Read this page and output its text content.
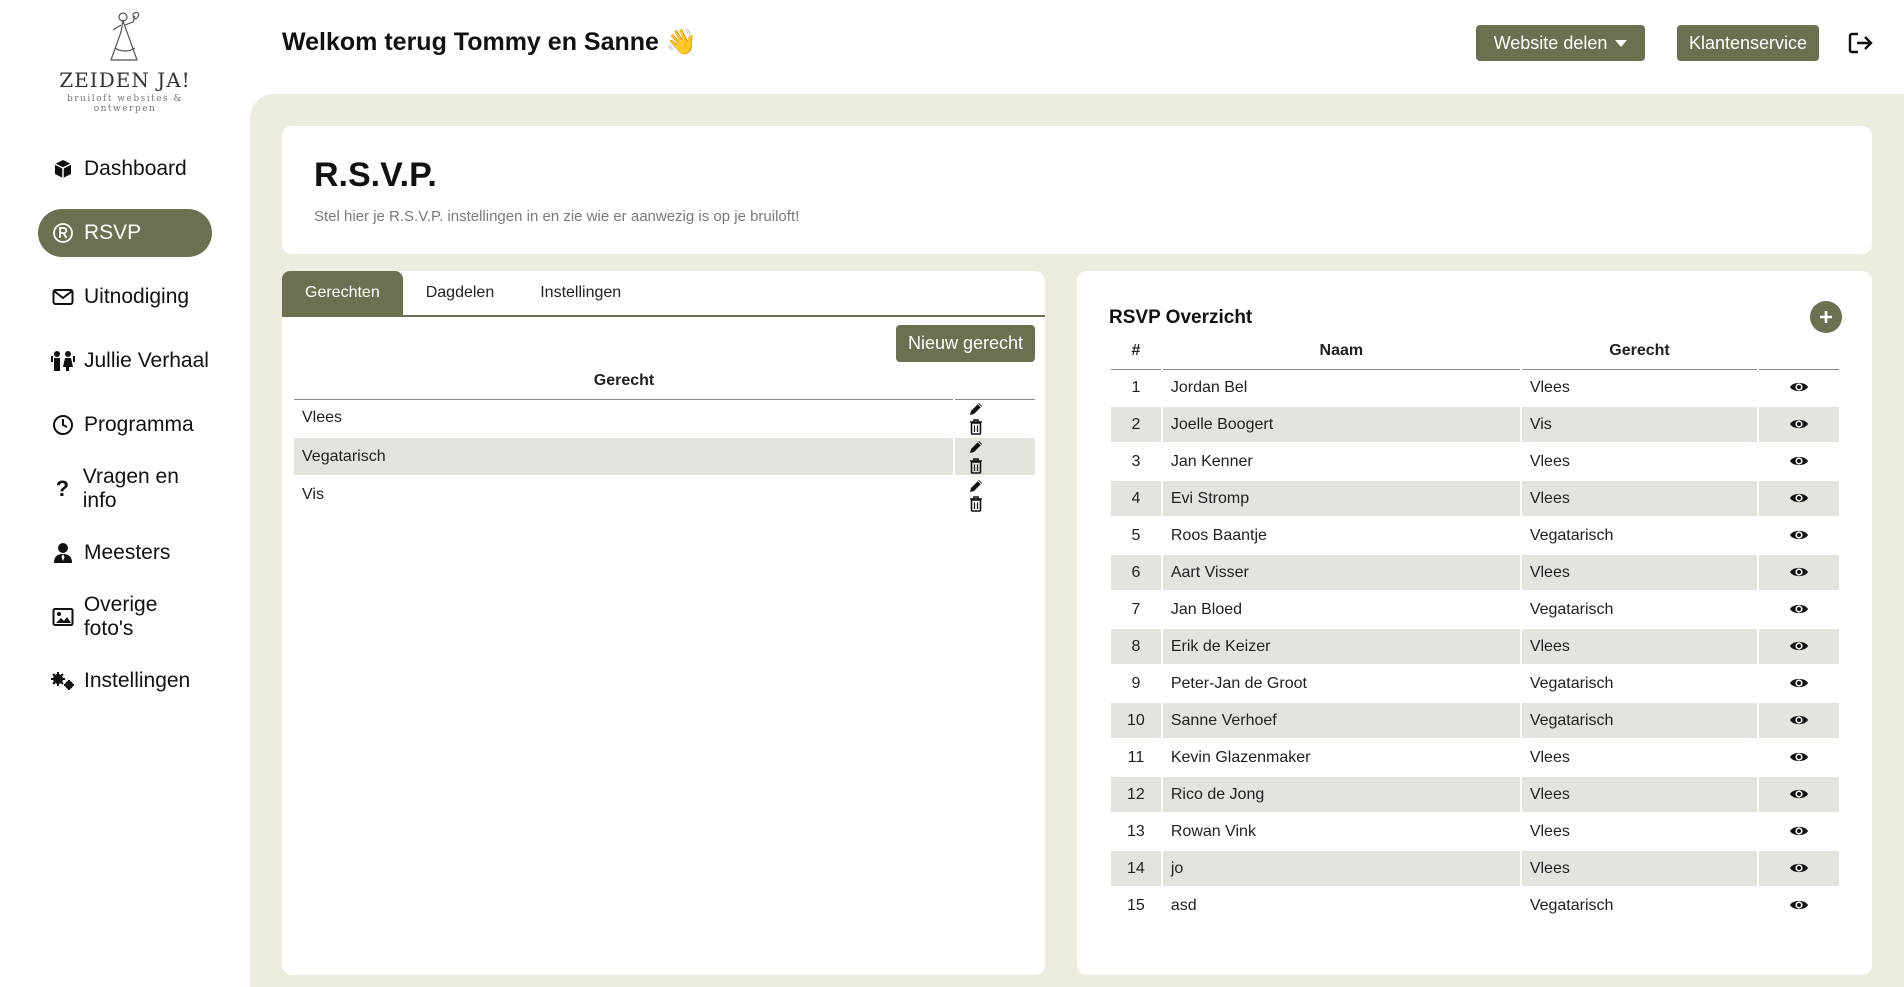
ZEIDEN JA!
bruiloft websites & ontwerpen
Dashboard
RSVP
Uitnodiging
Jullie Verhaal
Programma
? Vragen en info
Meesters
Overige foto's
Instellingen
Welkom terug Tommy en Sanne 👋	Website delen	Klantenservice
R.S.V.P.

Stel hier je R.S.V.P. instellingen in en zie wie er aanwezig is op je bruiloft!

Gerechten	Dagdelen	Instellingen
Nieuw gerecht
Gerecht	
Vlees	

Vegatarisch	

Vis	

RSVP Overzicht
#	Naam	Gerecht	
1	Jordan Bel	Vlees	

2	Joelle Boogert	Vis	

3	Jan Kenner	Vlees	

4	Evi Stromp	Vlees	

5	Roos Baantje	Vegatarisch	

6	Aart Visser	Vlees	

7	Jan Bloed	Vegatarisch	

8	Erik de Keizer	Vlees	

9	Peter-Jan de Groot	Vegatarisch	

10	Sanne Verhoef	Vegatarisch	

11	Kevin Glazenmaker	Vlees	

12	Rico de Jong	Vlees	

13	Rowan Vink	Vlees	

14	jo	Vlees	

15	asd	Vegatarisch	
